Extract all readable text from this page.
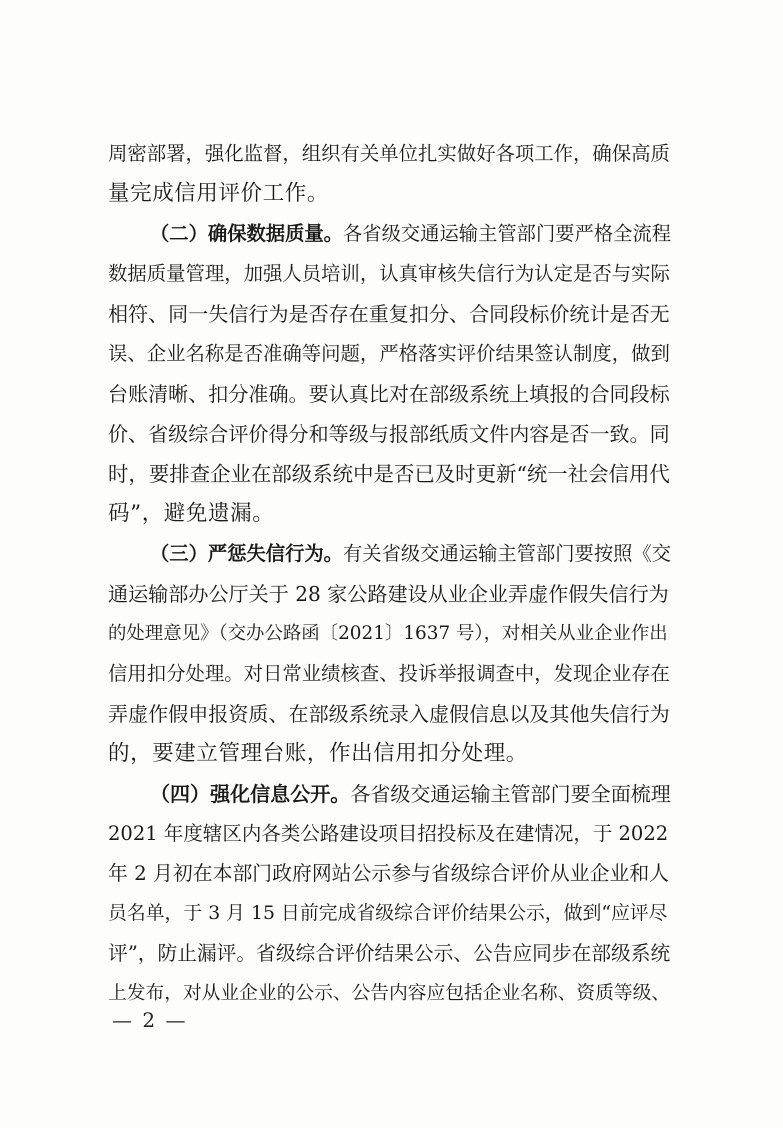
周密部署，强化监督，组织有关单位扎实做好各项工作，确保高质
量完成信用评价工作。
（二）确保数据质量。各省级交通运输主管部门要严格全流程
数据质量管理，加强人员培训，认真审核失信行为认定是否与实际
相符、同一失信行为是否存在重复扣分、合同段标价统计是否无
误、企业名称是否准确等问题，严格落实评价结果签认制度，做到
台账清晰、扣分准确。要认真比对在部级系统上填报的合同段标
价、省级综合评价得分和等级与报部纸质文件内容是否一致。同
时，要排查企业在部级系统中是否已及时更新“统一社会信用代
码”，避免遗漏。
（三）严惩失信行为。有关省级交通运输主管部门要按照《交
通运输部办公厅关于 28 家公路建设从业企业弄虚作假失信行为
的处理意见》（交办公路函〔2021〕1637 号），对相关从业企业作出
信用扣分处理。对日常业绩核查、投诉举报调查中，发现企业存在
弄虚作假申报资质、在部级系统录入虚假信息以及其他失信行为
的，要建立管理台账，作出信用扣分处理。
（四）强化信息公开。各省级交通运输主管部门要全面梳理
2021 年度辖区内各类公路建设项目招投标及在建情况，于 2022
年 2 月初在本部门政府网站公示参与省级综合评价从业企业和人
员名单，于 3 月 15 日前完成省级综合评价结果公示，做到“应评尽
评”，防止漏评。省级综合评价结果公示、公告应同步在部级系统
上发布，对从业企业的公示、公告内容应包括企业名称、资质等级、
— 2 —
